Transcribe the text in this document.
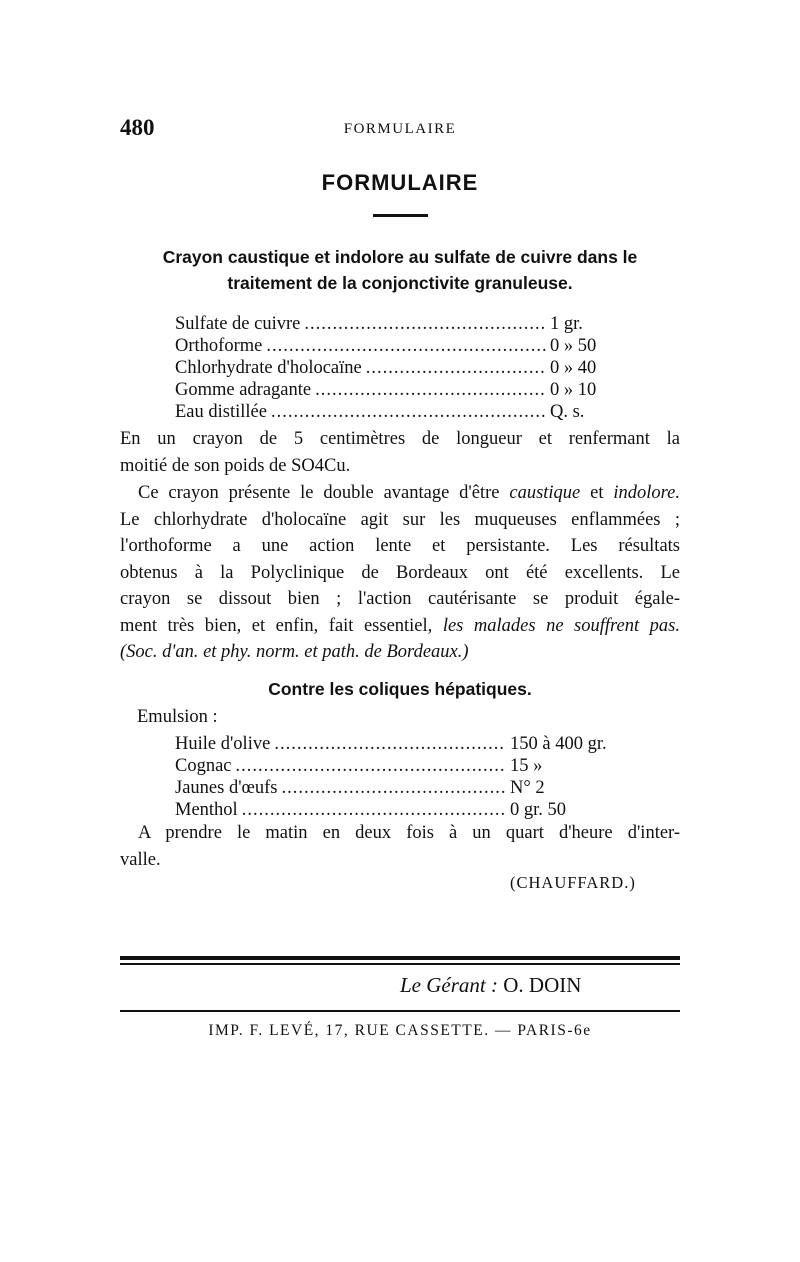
480	FORMULAIRE
FORMULAIRE
Crayon caustique et indolore au sulfate de cuivre dans le
traitement de la conjonctivite granuleuse.
Sulfate de cuivre .....	1 gr.
Orthoforme .....	0 » 50
Chlorhydrate d'holocaïne .....	0 » 40
Gomme adragante .....	0 » 10
Eau distillée .....	Q. s.
En un crayon de 5 centimètres de longueur et renfermant la
moitié de son poids de SO4Cu.
Ce crayon présente le double avantage d'être caustique et indolore.
Le chlorhydrate d'holocaïne agit sur les muqueuses enflammées ;
l'orthoforme a une action lente et persistante. Les résultats
obtenus à la Polyclinique de Bordeaux ont été excellents. Le
crayon se dissout bien ; l'action cautérisante se produit égale-
ment très bien, et enfin, fait essentiel, les malades ne souffrent pas.
(Soc. d'an. et phy. norm. et path. de Bordeaux.)
Contre les coliques hépatiques.
Emulsion :
Huile d'olive .....	150 à 400 gr.
Cognac .....	15 »
Jaunes d'œufs .....	N° 2
Menthol .....	0 gr. 50
A prendre le matin en deux fois à un quart d'heure d'inter-
valle.
(CHAUFFARD.)
Le Gérant : O. DOIN
IMP. F. LEVÉ, 17, RUE CASSETTE. — PARIS-6e
